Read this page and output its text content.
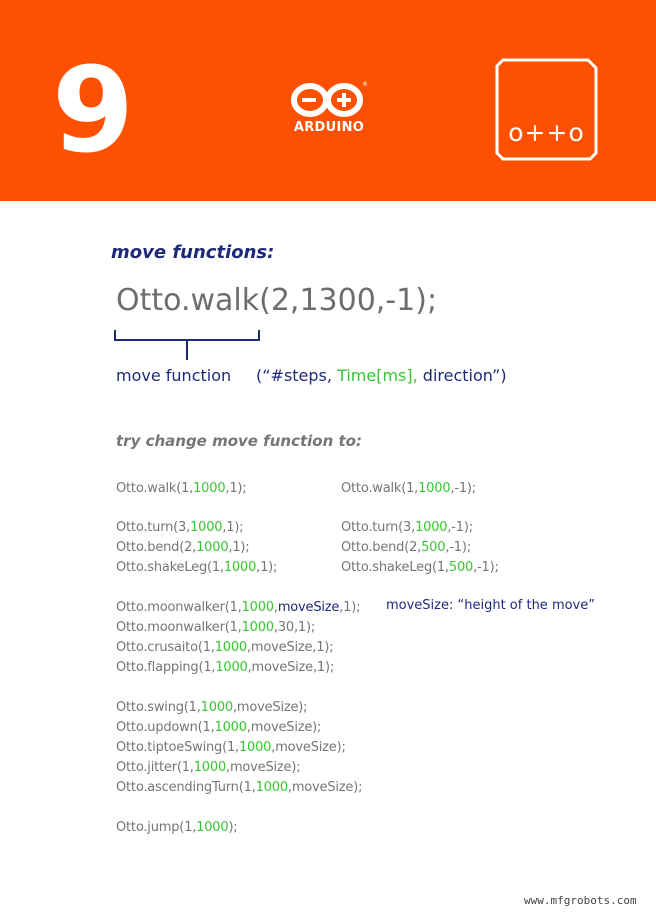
9	®
ARDUINO	o++o
move functions:
Otto.walk(2,1300,-1);
move function (“#steps, Time[ms], direction”)
try change move function to:
Otto.walk(1,1000,1);	Otto.walk(1,1000,-1);
Otto.turn(3,1000,1);	Otto.turn(3,1000,-1);
Otto.bend(2,1000,1);	Otto.bend(2,500,-1);
Otto.shakeLeg(1,1000,1);	Otto.shakeLeg(1,500,-1);
Otto.moonwalker(1,1000,moveSize,1); moveSize: “height of the move”
Otto.moonwalker(1,1000,30,1);
Otto.crusaito(1,1000,moveSize,1);
Otto.flapping(1,1000,moveSize,1);
Otto.swing(1,1000,moveSize);
Otto.updown(1,1000,moveSize);
Otto.tiptoeSwing(1,1000,moveSize);
Otto.jitter(1,1000,moveSize);
Otto.ascendingTurn(1,1000,moveSize);
Otto.jump(1,1000);
www.mfgrobots.com
